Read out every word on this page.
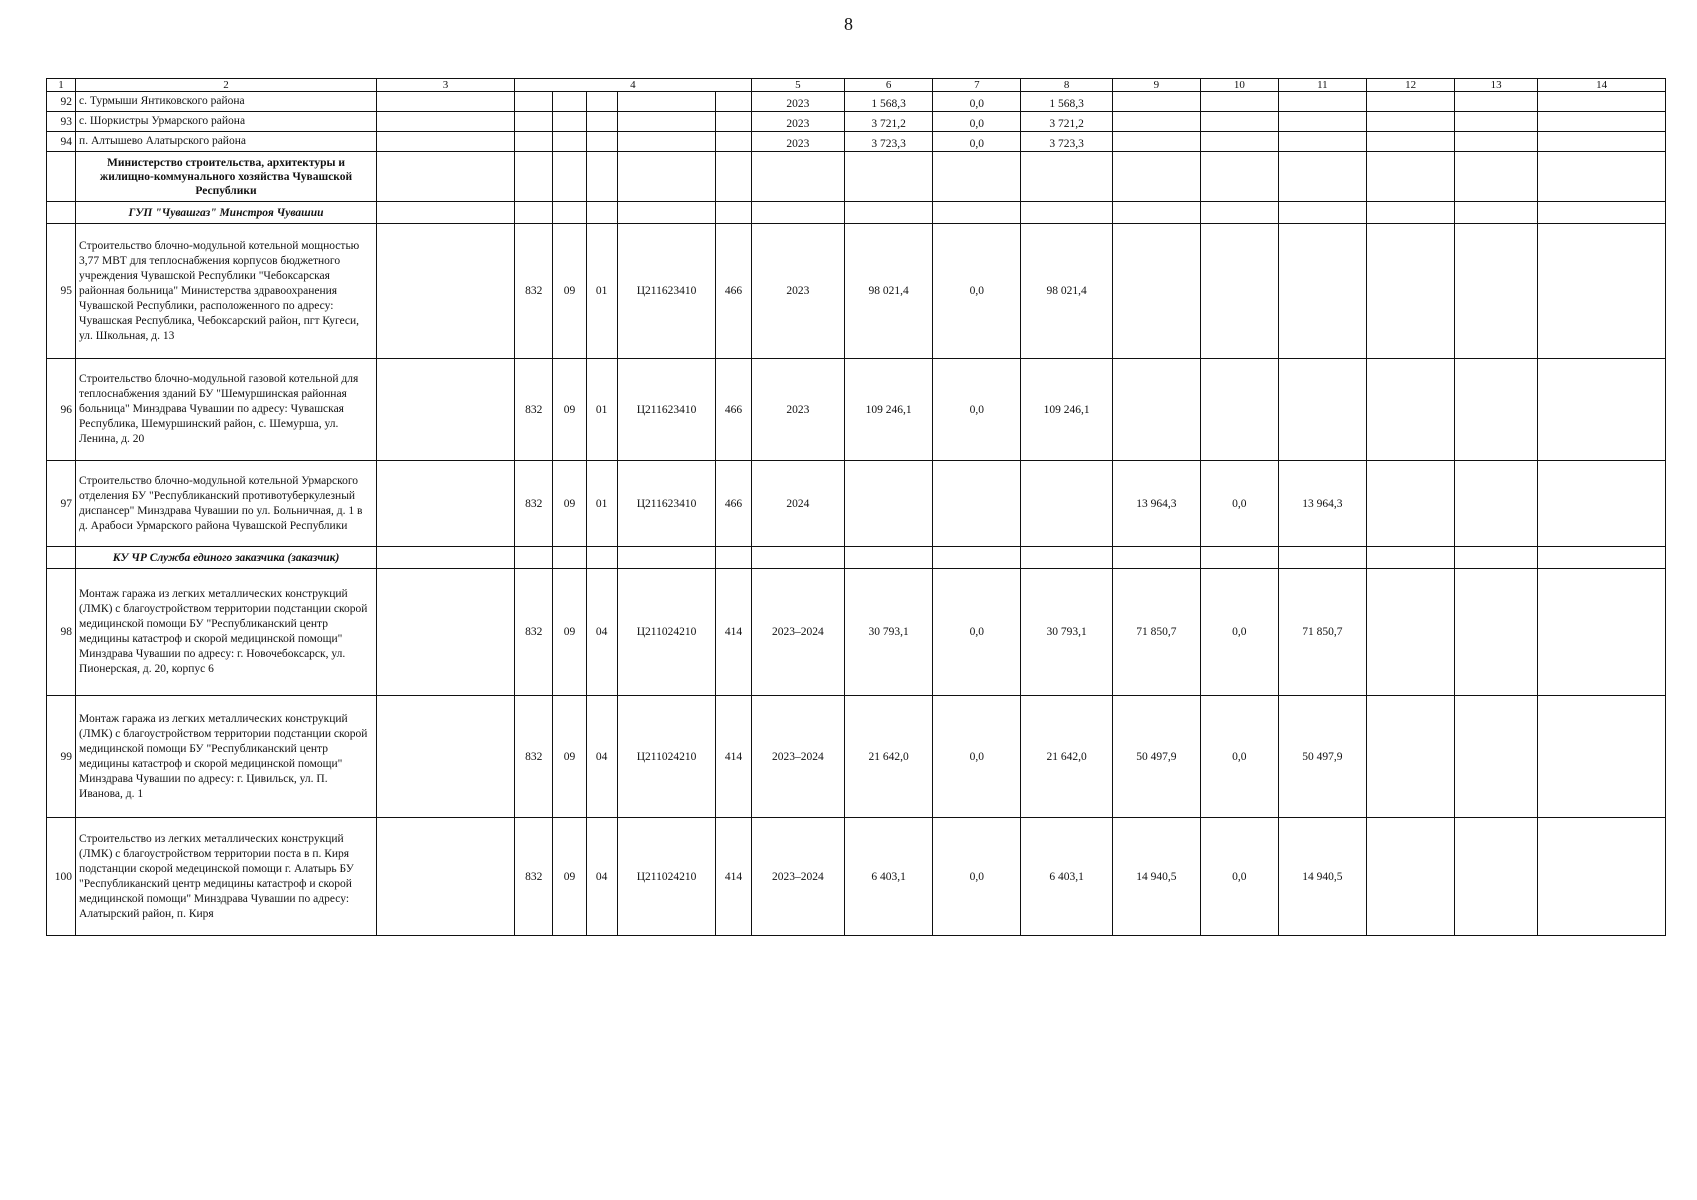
8
1	2	3	4					5	6	7	8	9	10	11	12	13	14
92	с. Турмыши Янтиковского района							2023	1 568,3	0,0	1 568,3						
93	с. Шоркистры Урмарского района							2023	3 721,2	0,0	3 721,2						
94	п. Алтышево Алатырского района							2023	3 723,3	0,0	3 723,3						
	Министерство строительства, архитектуры и жилищно-коммунального хозяйства Чувашской Республики																
	ГУП "Чувашгаз" Минстроя Чувашии																
95	Строительство блочно-модульной котельной мощностью 3,77 МВТ для теплоснабжения корпусов бюджетного учреждения Чувашской Республики "Чебоксарская районная больница" Министерства здравоохранения Чувашской Республики, расположенного по адресу: Чувашская Республика, Чебоксарский район, пгт Кугеси, ул. Школьная, д. 13		832	09	01	Ц211623410	466	2023	98 021,4	0,0	98 021,4						
96	Строительство блочно-модульной газовой котельной для теплоснабжения зданий БУ "Шемуршинская районная больница" Минздрава Чувашии по адресу: Чувашская Республика, Шемуршинский район, с. Шемурша, ул. Ленина, д. 20		832	09	01	Ц211623410	466	2023	109 246,1	0,0	109 246,1						
97	Строительство блочно-модульной котельной Урмарского отделения БУ "Республиканский противотуберкулезный диспансер" Минздрава Чувашии по ул. Больничная, д. 1 в д. Арабоси Урмарского района Чувашской Республики		832	09	01	Ц211623410	466	2024				13 964,3	0,0	13 964,3			
	КУ ЧР Служба единого заказчика (заказчик)																
98	Монтаж гаража из легких металлических конструкций (ЛМК) с благоустройством территории подстанции скорой медицинской помощи БУ "Республиканский центр медицины катастроф и скорой медицинской помощи" Минздрава Чувашии по адресу: г. Новочебоксарск, ул. Пионерская, д. 20, корпус 6		832	09	04	Ц211024210	414	2023–2024	30 793,1	0,0	30 793,1	71 850,7	0,0	71 850,7			
99	Монтаж гаража из легких металлических конструкций (ЛМК) с благоустройством территории подстанции скорой медицинской помощи БУ "Республиканский центр медицины катастроф и скорой медицинской помощи" Минздрава Чувашии по адресу: г. Цивильск, ул. П. Иванова, д. 1		832	09	04	Ц211024210	414	2023–2024	21 642,0	0,0	21 642,0	50 497,9	0,0	50 497,9			
100	Строительство из легких металлических конструкций (ЛМК) с благоустройством территории поста в п. Киря подстанции скорой медецинской помощи г. Алатырь БУ "Республиканский центр медицины катастроф и скорой медицинской помощи" Минздрава Чувашии по адресу: Алатырский район, п. Киря		832	09	04	Ц211024210	414	2023–2024	6 403,1	0,0	6 403,1	14 940,5	0,0	14 940,5			
